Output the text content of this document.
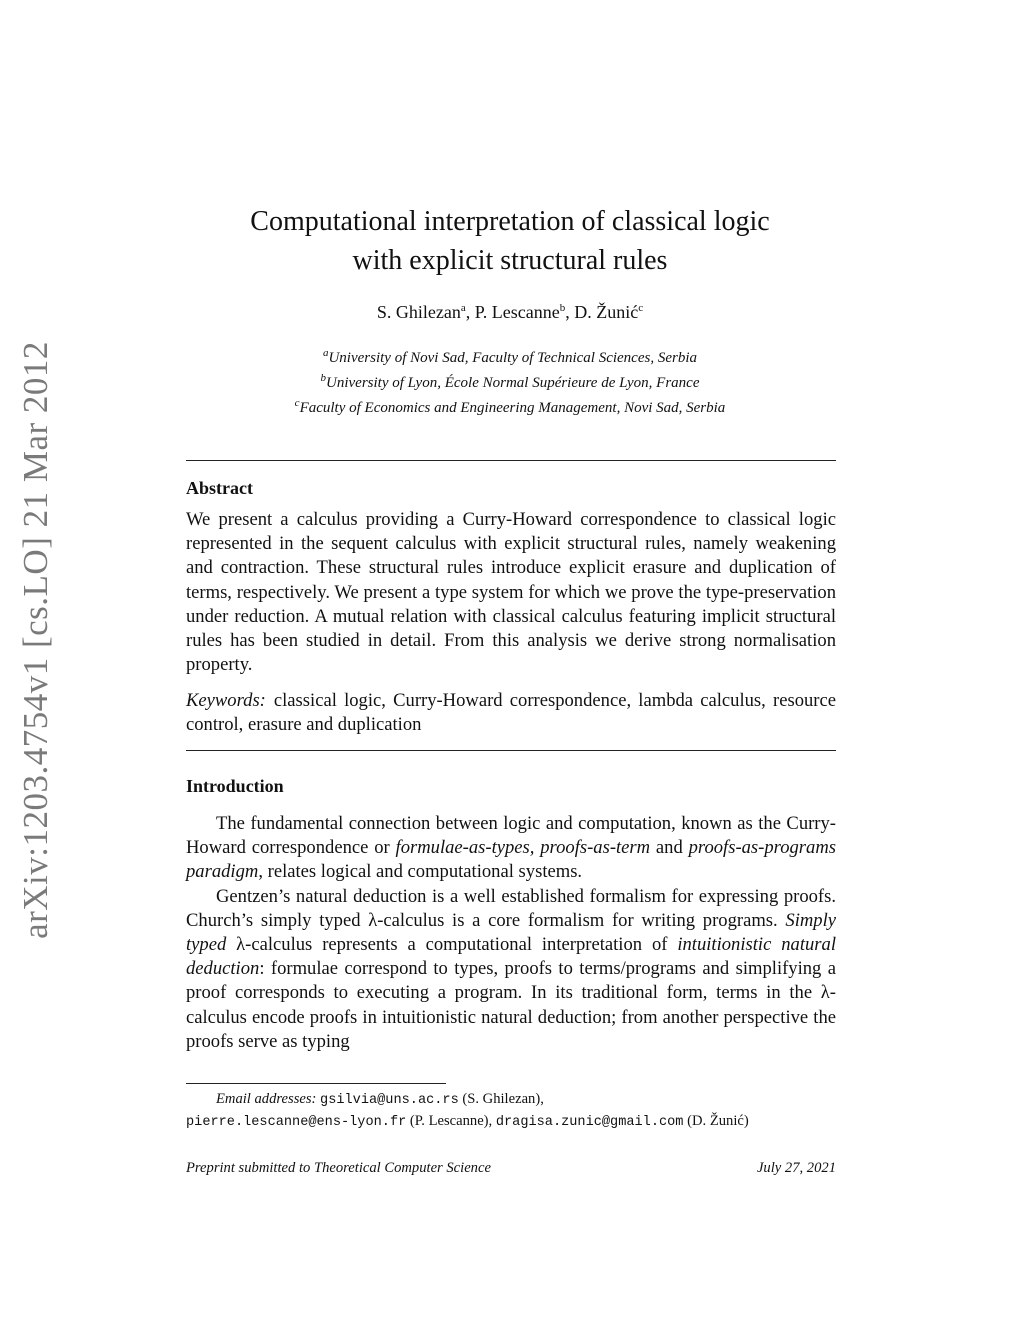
arXiv:1203.4754v1 [cs.LO] 21 Mar 2012
Computational interpretation of classical logic
with explicit structural rules
S. Ghilezan$^a$, P. Lescanne$^b$, D. Žunić$^c$
$^a$University of Novi Sad, Faculty of Technical Sciences, Serbia
$^b$University of Lyon, École Normal Supérieure de Lyon, France
$^c$Faculty of Economics and Engineering Management, Novi Sad, Serbia
Abstract
We present a calculus providing a Curry-Howard correspondence to classical logic represented in the sequent calculus with explicit structural rules, namely weakening and contraction. These structural rules introduce explicit erasure and duplication of terms, respectively. We present a type system for which we prove the type-preservation under reduction. A mutual relation with classical calculus featuring implicit structural rules has been studied in detail. From this analysis we derive strong normalisation property.
Keywords: classical logic, Curry-Howard correspondence, lambda calculus, resource control, erasure and duplication
Introduction

The fundamental connection between logic and computation, known as the Curry-Howard correspondence or formulae-as-types, proofs-as-term and proofs-as-programs paradigm, relates logical and computational systems.

Gentzen’s natural deduction is a well established formalism for expressing proofs. Church’s simply typed λ-calculus is a core formalism for writing programs. Simply typed λ-calculus represents a computational interpretation of intuitionistic natural deduction: formulae correspond to types, proofs to terms/programs and simplifying a proof corresponds to executing a program. In its traditional form, terms in the λ-calculus encode proofs in intuitionistic natural deduction; from another perspective the proofs serve as typing

Email addresses: gsilvia@uns.ac.rs (S. Ghilezan),
pierre.lescanne@ens-lyon.fr (P. Lescanne), dragisa.zunic@gmail.com (D. Žunić)
Preprint submitted to Theoretical Computer Science	July 27, 2021
